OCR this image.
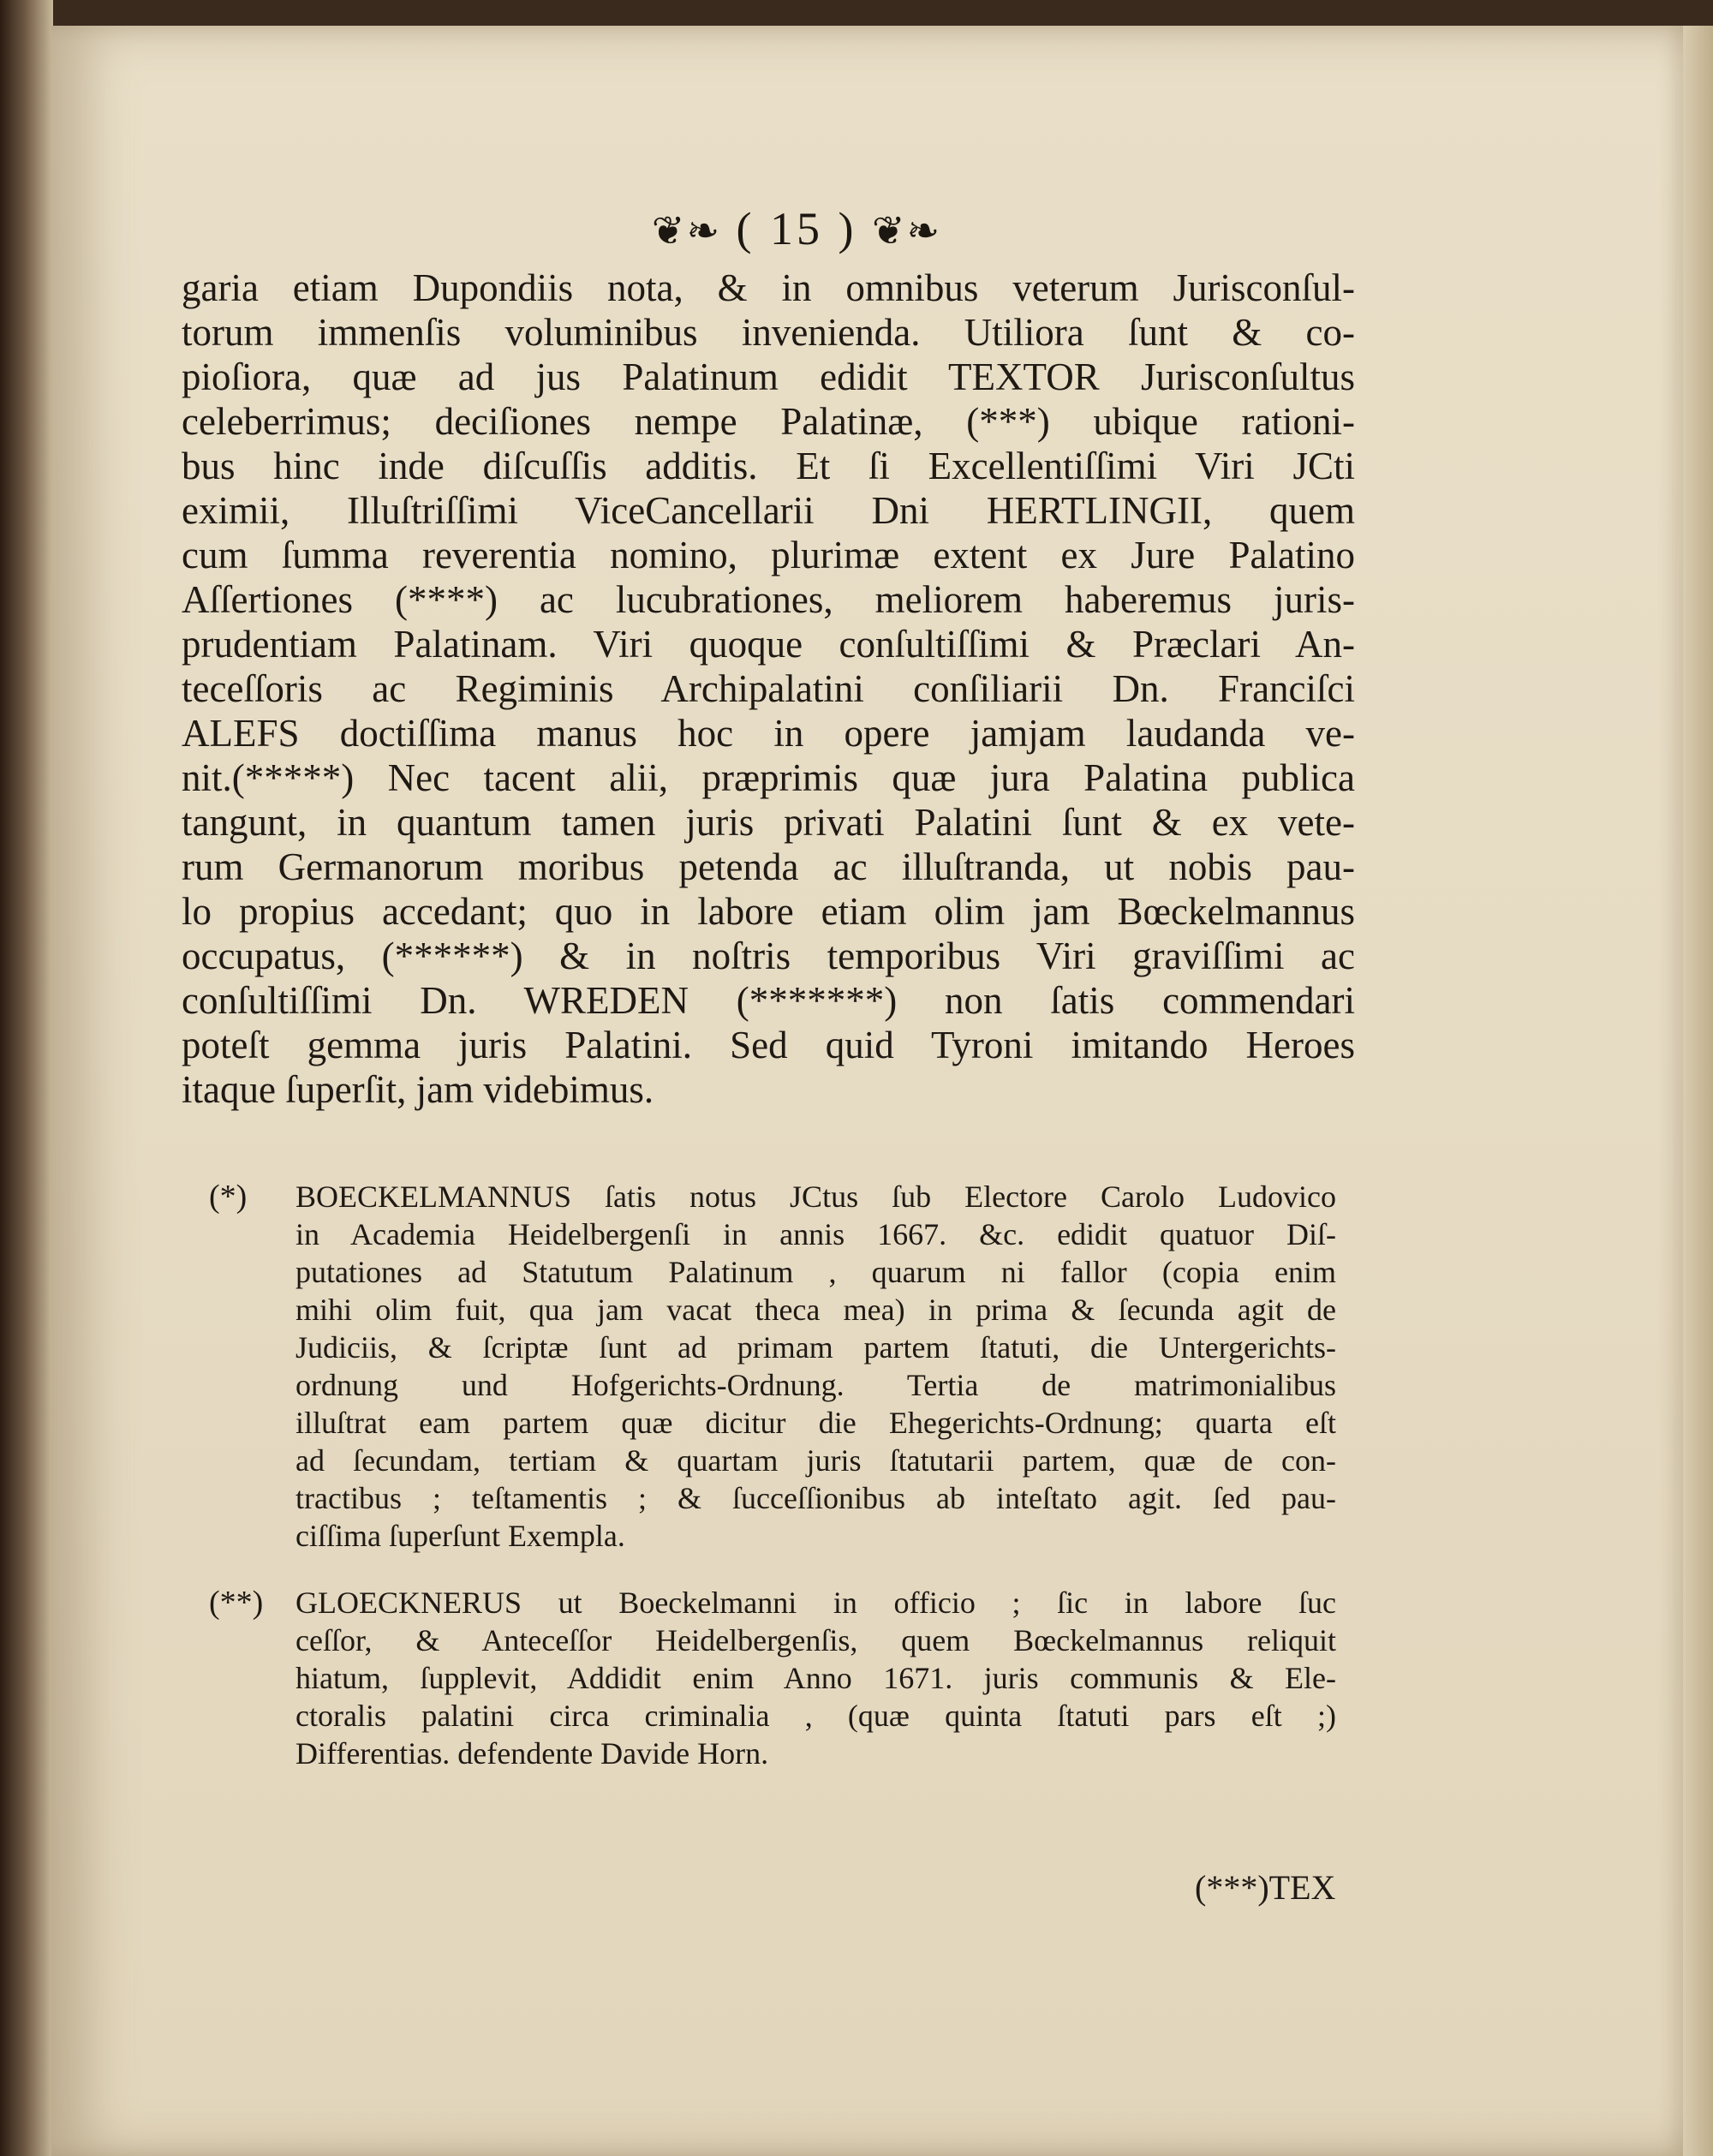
❦❧ ( 15 ) ❦❧
garia etiam Dupondiis nota, & in omnibus veterum Jurisconſul-
torum immenſis voluminibus invenienda. Utiliora ſunt & co-
pioſiora, quæ ad jus Palatinum edidit TEXTOR Jurisconſultus
celeberrimus; deciſiones nempe Palatinæ, (***) ubique rationi-
bus hinc inde diſcuſſis additis. Et ſi Excellentiſſimi Viri JCti
eximii, Illuſtriſſimi ViceCancellarii Dni HERTLINGII, quem
cum ſumma reverentia nomino, plurimæ extent ex Jure Palatino
Aſſertiones (****) ac lucubrationes, meliorem haberemus juris-
prudentiam Palatinam. Viri quoque conſultiſſimi & Præclari An-
teceſſoris ac Regiminis Archipalatini conſiliarii Dn. Franciſci
ALEFS doctiſſima manus hoc in opere jamjam laudanda ve-
nit.(*****) Nec tacent alii, præprimis quæ jura Palatina publica
tangunt, in quantum tamen juris privati Palatini ſunt & ex vete-
rum Germanorum moribus petenda ac illuſtranda, ut nobis pau-
lo propius accedant; quo in labore etiam olim jam Bœckelmannus
occupatus, (******) & in noſtris temporibus Viri graviſſimi ac
conſultiſſimi Dn. WREDEN (*******) non ſatis commendari
poteſt gemma juris Palatini. Sed quid Tyroni imitando Heroes
itaque ſuperſit, jam videbimus.
(*)	BOECKELMANNUS ſatis notus JCtus ſub Electore Carolo Ludovico
in Academia Heidelbergenſi in annis 1667. &c. edidit quatuor Diſ-
putationes ad Statutum Palatinum , quarum ni fallor (copia enim
mihi olim fuit, qua jam vacat theca mea) in prima & ſecunda agit de
Judiciis, & ſcriptæ ſunt ad primam partem ſtatuti, die Untergerichts-
ordnung und Hofgerichts-Ordnung. Tertia de matrimonialibus
illuſtrat eam partem quæ dicitur die Ehegerichts-Ordnung; quarta eſt
ad ſecundam, tertiam & quartam juris ſtatutarii partem, quæ de con-
tractibus ; teſtamentis ; & ſucceſſionibus ab inteſtato agit. ſed pau-
ciſſima ſuperſunt Exempla.
(**)	GLOECKNERUS ut Boeckelmanni in officio ; ſic in labore ſuc
ceſſor, & Anteceſſor Heidelbergenſis, quem Bœckelmannus reliquit
hiatum, ſupplevit, Addidit enim Anno 1671. juris communis & Ele-
ctoralis palatini circa criminalia , (quæ quinta ſtatuti pars eſt ;)
Differentias. defendente Davide Horn.
(***)TEX
